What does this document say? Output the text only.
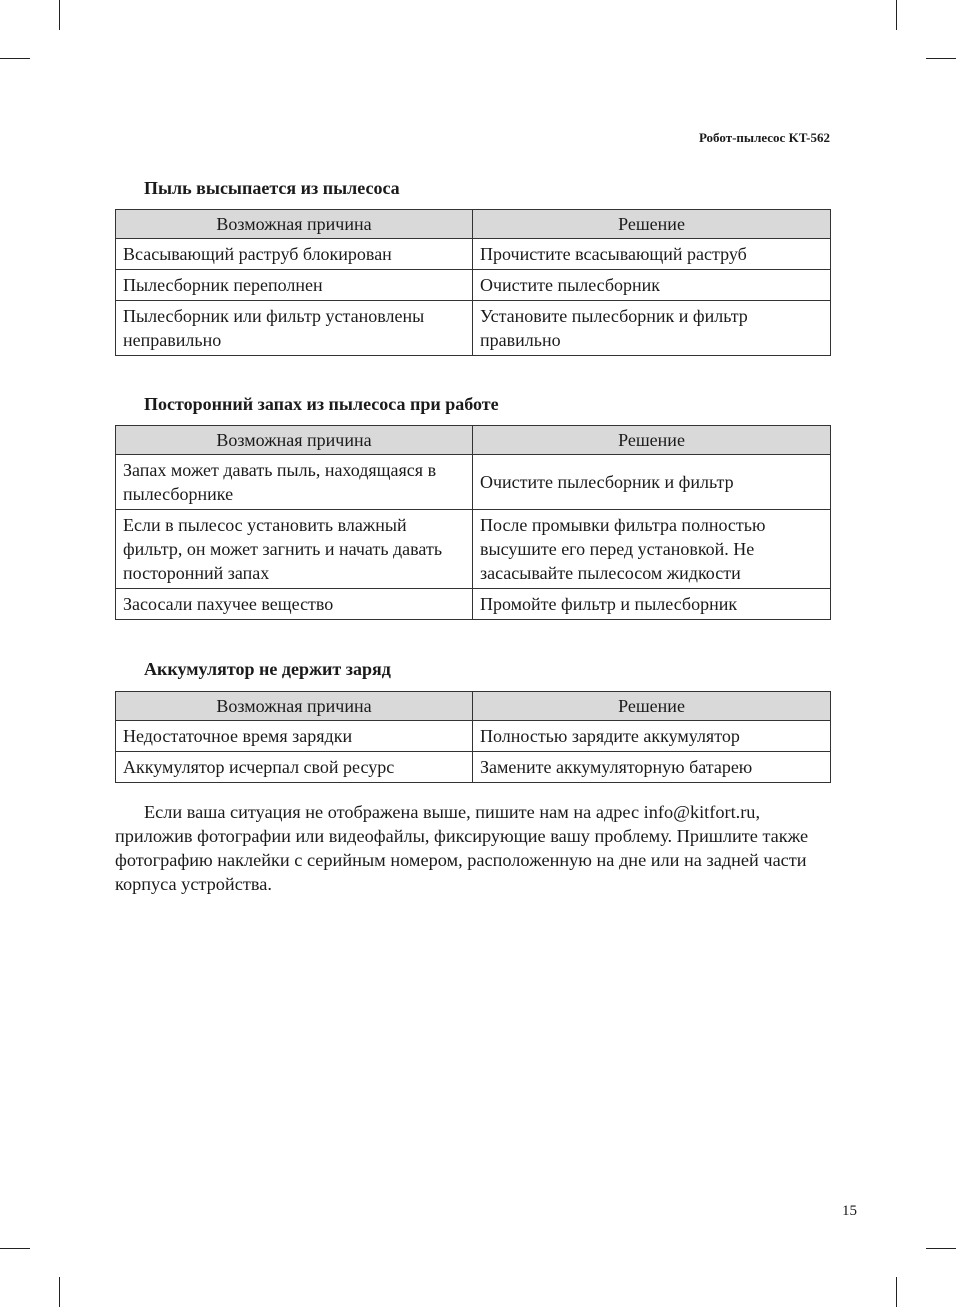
Робот-пылесос KT-562
Пыль высыпается из пылесоса
Возможная причина	Решение
Всасывающий раструб блокирован	Прочистите всасывающий раструб
Пылесборник переполнен	Очистите пылесборник
Пылесборник или фильтр установлены неправильно	Установите пылесборник и фильтр правильно
Посторонний запах из пылесоса при работе
Возможная причина	Решение
Запах может давать пыль, находящаяся в пылесборнике	Очистите пылесборник и фильтр
Если в пылесос установить влажный фильтр, он может загнить и начать давать посторонний запах	После промывки фильтра полностью высушите его перед установкой. Не засасывайте пылесосом жидкости
Засосали пахучее вещество	Промойте фильтр и пылесборник
Аккумулятор не держит заряд
Возможная причина	Решение
Недостаточное время зарядки	Полностью зарядите аккумулятор
Аккумулятор исчерпал свой ресурс	Замените аккумуляторную батарею

Если ваша ситуация не отображена выше, пишите нам на адрес info@kitfort.ru, приложив фотографии или видеофайлы, фиксирующие вашу проблему. Пришлите также фотографию наклейки с серийным номером, расположенную на дне или на задней части корпуса устройства.

15
